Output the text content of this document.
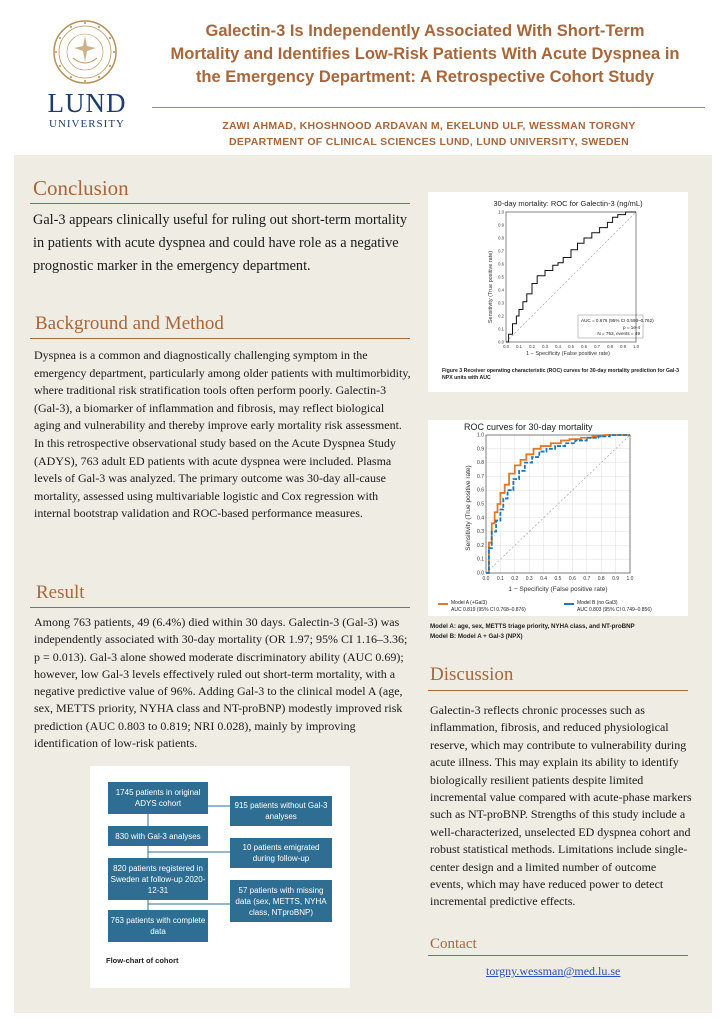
LUND
UNIVERSITY
Galectin-3 Is Independently Associated With Short-Term
Mortality and Identifies Low-Risk Patients With Acute Dyspnea in
the Emergency Department: A Retrospective Cohort Study
ZAWI AHMAD, KHOSHNOOD ARDAVAN M, EKELUND ULF, WESSMAN TORGNY
DEPARTMENT OF CLINICAL SCIENCES LUND, LUND UNIVERSITY, SWEDEN
Conclusion
Gal-3 appears clinically useful for ruling out short-term mortality in patients with acute dyspnea and could have role as a negative prognostic marker in the emergency department.
Background and Method
Dyspnea is a common and diagnostically challenging symptom in the emergency department, particularly among older patients with multimorbidity, where traditional risk stratification tools often perform poorly. Galectin-3 (Gal-3), a biomarker of inflammation and fibrosis, may reflect biological aging and vulnerability and thereby improve early mortality risk assessment. In this retrospective observational study based on the Acute Dyspnea Study (ADYS), 763 adult ED patients with acute dyspnea were included. Plasma levels of Gal-3 was analyzed. The primary outcome was 30-day all-cause mortality, assessed using multivariable logistic and Cox regression with internal bootstrap validation and ROC-based performance measures.
Result
Among 763 patients, 49 (6.4%) died within 30 days. Galectin-3 (Gal-3) was independently associated with 30-day mortality (OR 1.97; 95% CI 1.16–3.36; p = 0.013). Gal-3 alone showed moderate discriminatory ability (AUC 0.69); however, low Gal-3 levels effectively ruled out short-term mortality, with a negative predictive value of 96%. Adding Gal-3 to the clinical model A (age, sex, METTS priority, NYHA class and NT-proBNP) modestly improved risk prediction (AUC 0.803 to 0.819; NRI 0.028), mainly by improving identification of low-risk patients.
1745 patients in original ADYS cohort
830 with Gal-3 analyses
820 patients registered in Sweden at follow-up 2020-12-31
763 patients with complete data
915 patients without Gal-3 analyses
10 patients emigrated during follow-up
57 patients with missing data (sex, METTS, NYHA class, NTproBNP)
Flow-chart of cohort
30-day mortality: ROC for Galectin-3 (ng/mL)
Sensitivity (True positive rate)
1 − Specificity (False positive rate)
AUC = 0.676 (95% CI 0.593–0.762)
p = 1e-4
N = 763, events = 49
0.0 0.1 0.2 0.3 0.4 0.5 0.6 0.7 0.8 0.9 1.0
0.0
0.1
0.2
0.3
0.4
0.5
0.6
0.7
0.8
0.9
1.0
Figure 3 Receiver operating characteristic (ROC) curves for 30-day mortality prediction for Gal-3 NPX units with AUC
ROC curves for 30-day mortality
Sensitivity (True positive rate)
1 − Specificity (False positive rate)
Model A (+Gal3)
AUC 0.819 (95% CI 0.768–0.876)
Model B (no Gal3)
AUC 0.803 (95% CI 0.749–0.856)
0.0 0.1 0.2 0.3 0.4 0.5 0.6 0.7 0.8 0.9 1.0
0.0
0.1
0.2
0.3
0.4
0.5
0.6
0.7
0.8
0.9
1.0
Model A: age, sex, METTS triage priority, NYHA class, and NT-proBNP
Model B: Model A + Gal-3 (NPX)
Discussion
Galectin-3 reflects chronic processes such as inflammation, fibrosis, and reduced physiological reserve, which may contribute to vulnerability during acute illness. This may explain its ability to identify biologically resilient patients despite limited incremental value compared with acute-phase markers such as NT-proBNP. Strengths of this study include a well-characterized, unselected ED dyspnea cohort and robust statistical methods. Limitations include single-center design and a limited number of outcome events, which may have reduced power to detect incremental predictive effects.
Contact
torgny.wessman@med.lu.se
